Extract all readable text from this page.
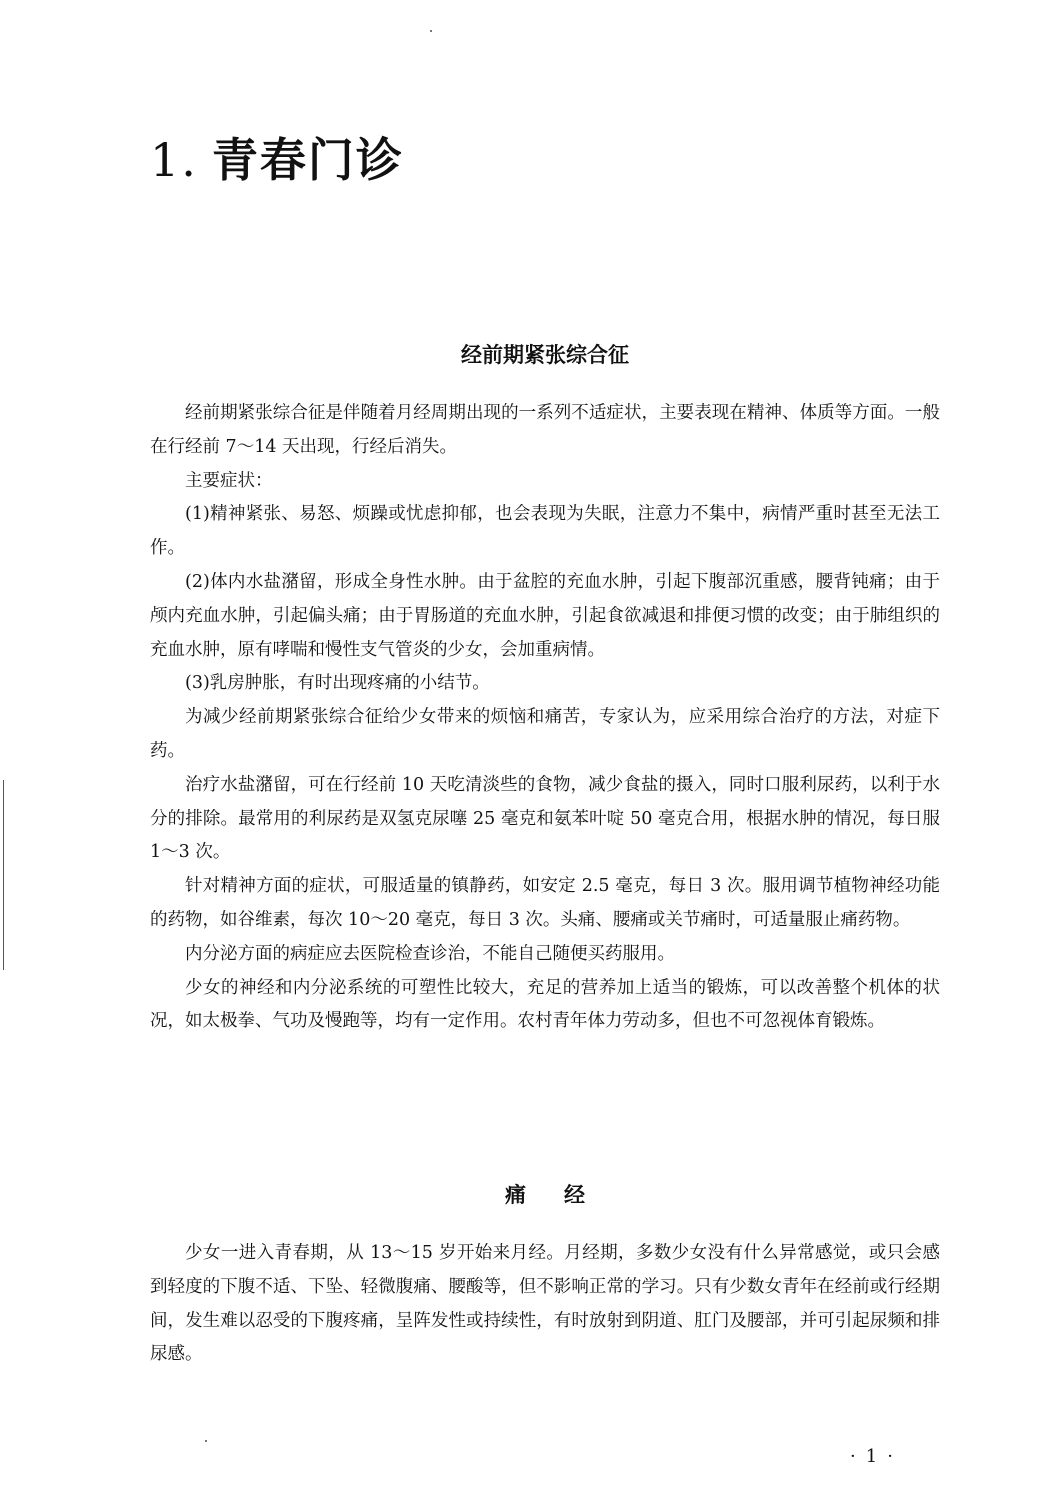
1. 青春门诊
经前期紧张综合征

经前期紧张综合征是伴随着月经周期出现的一系列不适症状，主要表现在精神、体质等方面。一般在行经前 7～14 天出现，行经后消失。

主要症状：

(1)精神紧张、易怒、烦躁或忧虑抑郁，也会表现为失眠，注意力不集中，病情严重时甚至无法工作。

(2)体内水盐潴留，形成全身性水肿。由于盆腔的充血水肿，引起下腹部沉重感，腰背钝痛；由于颅内充血水肿，引起偏头痛；由于胃肠道的充血水肿，引起食欲减退和排便习惯的改变；由于肺组织的充血水肿，原有哮喘和慢性支气管炎的少女，会加重病情。

(3)乳房肿胀，有时出现疼痛的小结节。

为减少经前期紧张综合征给少女带来的烦恼和痛苦，专家认为，应采用综合治疗的方法，对症下药。

治疗水盐潴留，可在行经前 10 天吃清淡些的食物，减少食盐的摄入，同时口服利尿药，以利于水分的排除。最常用的利尿药是双氢克尿噻 25 毫克和氨苯叶啶 50 毫克合用，根据水肿的情况，每日服 1～3 次。

针对精神方面的症状，可服适量的镇静药，如安定 2.5 毫克，每日 3 次。服用调节植物神经功能的药物，如谷维素，每次 10～20 毫克，每日 3 次。头痛、腰痛或关节痛时，可适量服止痛药物。

内分泌方面的病症应去医院检查诊治，不能自己随便买药服用。

少女的神经和内分泌系统的可塑性比较大，充足的营养加上适当的锻炼，可以改善整个机体的状况，如太极拳、气功及慢跑等，均有一定作用。农村青年体力劳动多，但也不可忽视体育锻炼。

痛经

少女一进入青春期，从 13～15 岁开始来月经。月经期，多数少女没有什么异常感觉，或只会感到轻度的下腹不适、下坠、轻微腹痛、腰酸等，但不影响正常的学习。只有少数女青年在经前或行经期间，发生难以忍受的下腹疼痛，呈阵发性或持续性，有时放射到阴道、肛门及腰部，并可引起尿频和排尿感。

· 1 ·
